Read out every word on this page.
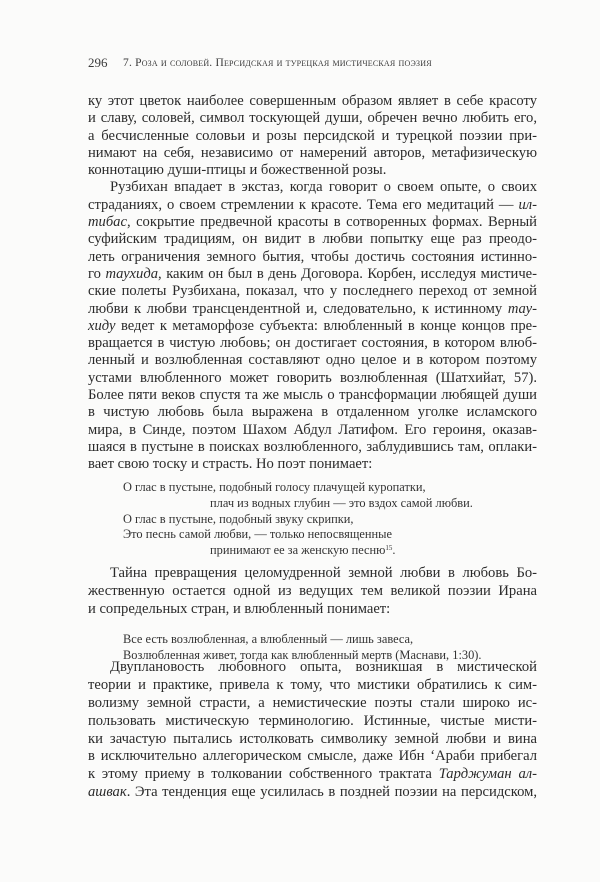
296 7. Роза и соловей. Персидская и турецкая мистическая поэзия
ку этот цветок наиболее совершенным образом являет в себе красоту
и славу, соловей, символ тоскующей души, обречен вечно любить его,
а бесчисленные соловьи и розы персидской и турецкой поэзии при-
нимают на себя, независимо от намерений авторов, метафизическую
коннотацию души-птицы и божественной розы.
Рузбихан впадает в экстаз, когда говорит о своем опыте, о своих
страданиях, о своем стремлении к красоте. Тема его медитаций — ил-
тибас, сокрытие предвечной красоты в сотворенных формах. Верный
суфийским традициям, он видит в любви попытку еще раз преодо-
леть ограничения земного бытия, чтобы достичь состояния истинно-
го таухида, каким он был в день Договора. Корбен, исследуя мистиче-
ские полеты Рузбихана, показал, что у последнего переход от земной
любви к любви трансцендентной и, следовательно, к истинному тау-
хиду ведет к метаморфозе субъекта: влюбленный в конце концов пре-
вращается в чистую любовь; он достигает состояния, в котором влюб-
ленный и возлюбленная составляют одно целое и в котором поэтому
устами влюбленного может говорить возлюбленная (Шатхийат, 57).
Более пяти веков спустя та же мысль о трансформации любящей души
в чистую любовь была выражена в отдаленном уголке исламского
мира, в Синде, поэтом Шахом Абдул Латифом. Его героиня, оказав-
шаяся в пустыне в поисках возлюбленного, заблудившись там, оплаки-
вает свою тоску и страсть. Но поэт понимает:
О глас в пустыне, подобный голосу плачущей куропатки,
плач из водных глубин — это вздох самой любви.
О глас в пустыне, подобный звуку скрипки,
Это песнь самой любви, — только непосвященные
принимают ее за женскую песню$^{15}$.
Тайна превращения целомудренной земной любви в любовь Бо-
жественную остается одной из ведущих тем великой поэзии Ирана
и сопредельных стран, и влюбленный понимает:
Все есть возлюбленная, а влюбленный — лишь завеса,
Возлюбленная живет, тогда как влюбленный мертв (Маснави, 1:30).
Двуплановость любовного опыта, возникшая в мистической
теории и практике, привела к тому, что мистики обратились к сим-
волизму земной страсти, а немистические поэты стали широко ис-
пользовать мистическую терминологию. Истинные, чистые мисти-
ки зачастую пытались истолковать символику земной любви и вина
в исключительно аллегорическом смысле, даже Ибн ‘Араби прибегал
к этому приему в толковании собственного трактата Тарджуман ал-
ашвак. Эта тенденция еще усилилась в поздней поэзии на персидском,
